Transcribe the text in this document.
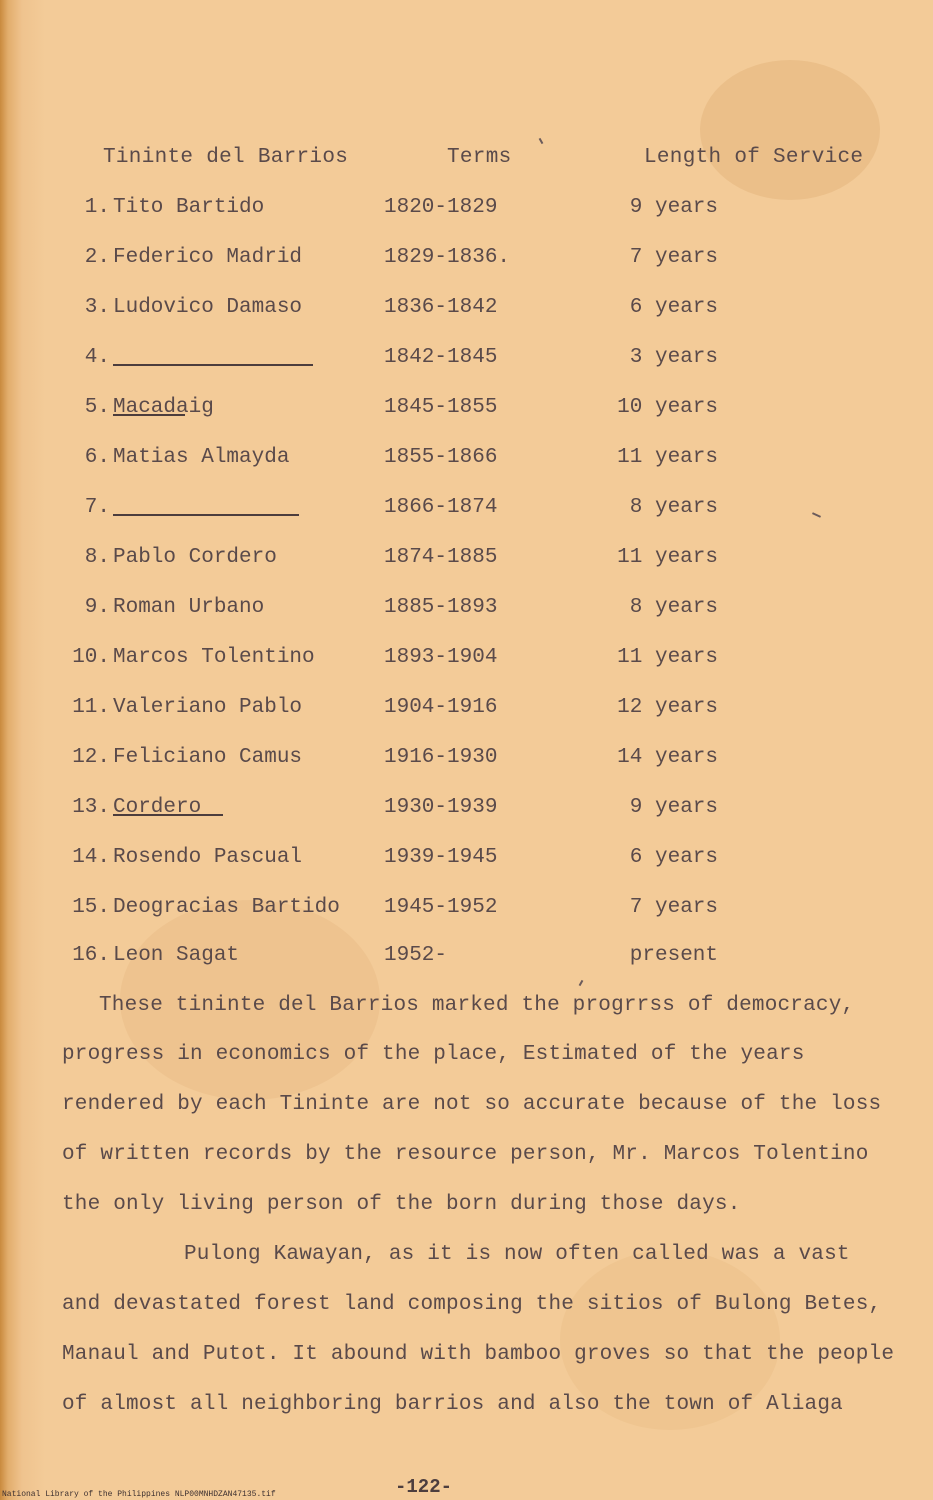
Tininte del Barrios	Terms	Length of Service
1. Tito Bartido	1820-1829	9 years
2. Federico Madrid	1829-1836.	7 years
3. Ludovico Damaso	1836-1842	6 years
4.	1842-1845	3 years
5. Macadaig	1845-1855	10 years
6. Matias Almayda	1855-1866	11 years
7.	1866-1874	8 years
8. Pablo Cordero	1874-1885	11 years
9. Roman Urbano	1885-1893	8 years
10. Marcos Tolentino	1893-1904	11 years
11. Valeriano Pablo	1904-1916	12 years
12. Feliciano Camus	1916-1930	14 years
13. Cordero	1930-1939	9 years
14. Rosendo Pascual	1939-1945	6 years
15. Deogracias Bartido 1945-1952	7 years
16. Leon Sagat	1952-	present
These tininte del Barrios marked the progrrss of democracy,
progress in economics of the place, Estimated of the years
rendered by each Tininte are not so accurate because of the loss
of written records by the resource person, Mr. Marcos Tolentino
the only living person of the born during those days.
Pulong Kawayan, as it is now often called was a vast
and devastated forest land composing the sitios of Bulong Betes,
Manaul and Putot. It abound with bamboo groves so that the people
of almost all neighboring barrios and also the town of Aliaga
-122-
National Library of the Philippines NLP00MNHDZAN47135.tif
